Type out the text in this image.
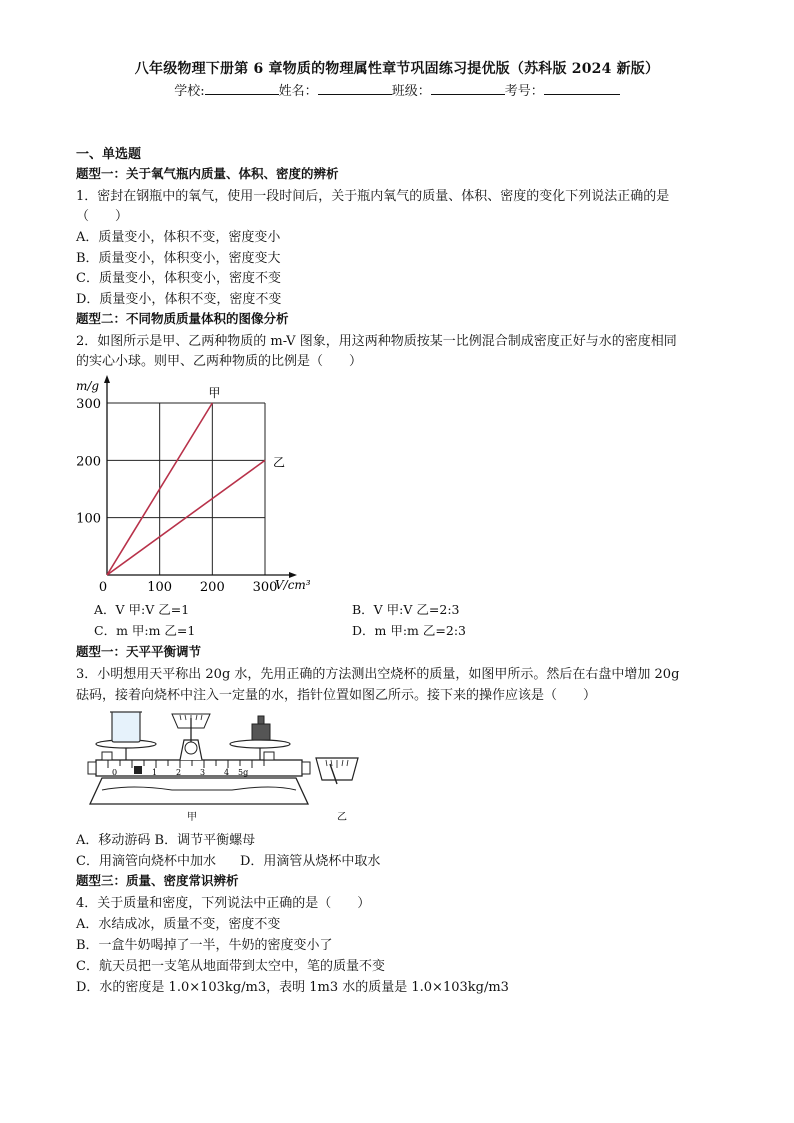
八年级物理下册第 6 章物质的物理属性章节巩固练习提优版（苏科版 2024 新版）
学校:	姓名：	班级：	考号：
一、单选题
题型一：关于氧气瓶内质量、体积、密度的辨析
1．密封在钢瓶中的氧气，使用一段时间后，关于瓶内氧气的质量、体积、密度的变化下列说法正确的是
（　　）
A．质量变小，体积不变，密度变小
B．质量变小，体积变小，密度变大
C．质量变小，体积变小，密度不变
D．质量变小，体积不变，密度不变
题型二：不同物质质量体积的图像分析
2．如图所示是甲、乙两种物质的 m-V 图象，用这两种物质按某一比例混合制成密度正好与水的密度相同
的实心小球。则甲、乙两种物质的比例是（　　）
100 200 300
100
200
300
0	V/cm³
m/g	甲
乙
A．V 甲:V 乙=1	B．V 甲:V 乙=2:3
C．m 甲:m 乙=1	D．m 甲:m 乙=2:3
题型一：天平平衡调节
3．小明想用天平称出 20g 水，先用正确的方法测出空烧杯的质量，如图甲所示。然后在右盘中增加 20g
砝码，接着向烧杯中注入一定量的水，指针位置如图乙所示。接下来的操作应该是（　　）
0	1 2 3 4 5g
甲	乙
A．移动游码 B．调节平衡螺母
C．用滴管向烧杯中加水 D．用滴管从烧杯中取水
题型三：质量、密度常识辨析
4．关于质量和密度，下列说法中正确的是（　　）
A．水结成冰，质量不变，密度不变
B．一盒牛奶喝掉了一半，牛奶的密度变小了
C．航天员把一支笔从地面带到太空中，笔的质量不变
D．水的密度是 1.0×103kg/m3，表明 1m3 水的质量是 1.0×103kg/m3
